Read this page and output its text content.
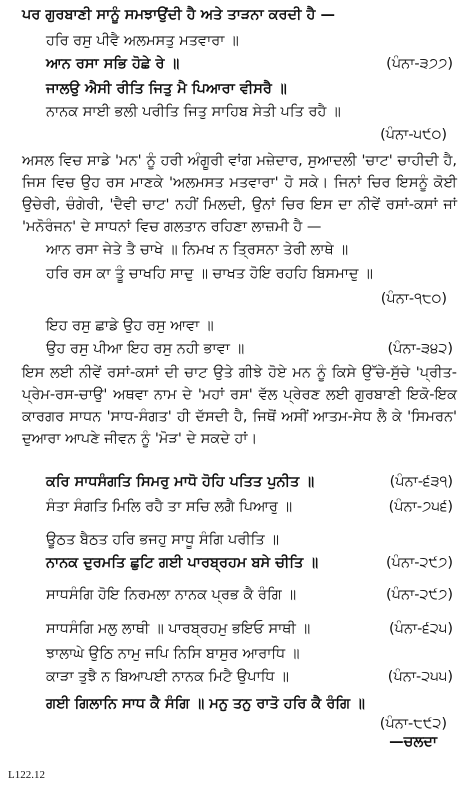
ਪਰ ਗੁਰਬਾਣੀ ਸਾਨੂੰ ਸਮਝਾਉਂਦੀ ਹੈ ਅਤੇ ਤਾੜਨਾ ਕਰਦੀ ਹੈ —
ਹਰਿ ਰਸੁ ਪੀਵੈ ਅਲਮਸਤੁ ਮਤਵਾਰਾ ॥
ਆਨ ਰਸਾ ਸਭਿ ਹੋਛੇ ਰੇ ॥	(ਪੰਨਾ-੩੭੭)
ਜਾਲਉ ਐਸੀ ਰੀਤਿ ਜਿਤੁ ਮੈ ਪਿਆਰਾ ਵੀਸਰੈ ॥
ਨਾਨਕ ਸਾਈ ਭਲੀ ਪਰੀਤਿ ਜਿਤੁ ਸਾਹਿਬ ਸੇਤੀ ਪਤਿ ਰਹੈ ॥
(ਪੰਨਾ-੫੯੦)
ਅਸਲ ਵਿਚ ਸਾਡੇ 'ਮਨ' ਨੂੰ ਹਰੀ ਅੰਗੂਰੀ ਵਾਂਗ ਮਜ਼ੇਦਾਰ, ਸੁਆਦਲੀ 'ਚਾਟ' ਚਾਹੀਦੀ ਹੈ, ਜਿਸ ਵਿਚ ਉਹ ਰਸ ਮਾਣਕੇ 'ਅਲਮਸਤ ਮਤਵਾਰਾ' ਹੋ ਸਕੇ। ਜਿਨਾਂ ਚਿਰ ਇਸਨੂੰ ਕੋਈ ਉਚੇਰੀ, ਚੰਗੇਰੀ, 'ਦੈਵੀ ਚਾਟ' ਨਹੀਂ ਮਿਲਦੀ, ਉਨਾਂ ਚਿਰ ਇਸ ਦਾ ਨੀਵੇਂ ਰਸਾਂ-ਕਸਾਂ ਜਾਂ 'ਮਨੋਰੰਜਨ' ਦੇ ਸਾਧਨਾਂ ਵਿਚ ਗਲਤਾਨ ਰਹਿਣਾ ਲਾਜ਼ਮੀ ਹੈ —
ਆਨ ਰਸਾ ਜੇਤੇ ਤੈ ਚਾਖੇ ॥ ਨਿਮਖ ਨ ਤ੍ਰਿਸਨਾ ਤੇਰੀ ਲਾਥੇ ॥
ਹਰਿ ਰਸ ਕਾ ਤੂੰ ਚਾਖਹਿ ਸਾਦੁ ॥ ਚਾਖਤ ਹੋਇ ਰਹਹਿ ਬਿਸਮਾਦੁ ॥
(ਪੰਨਾ-੧੮੦)
ਇਹ ਰਸੁ ਛਾਡੇ ਉਹ ਰਸੁ ਆਵਾ ॥
ਉਹ ਰਸੁ ਪੀਆ ਇਹ ਰਸੁ ਨਹੀ ਭਾਵਾ ॥	(ਪੰਨਾ-੩੪੨)
ਇਸ ਲਈ ਨੀਵੇਂ ਰਸਾਂ-ਕਸਾਂ ਦੀ ਚਾਟ ਉਤੇ ਗੀਝੇ ਹੋਏ ਮਨ ਨੂੰ ਕਿਸੇ ਉੱਚੇ-ਸੁੱਚੇ 'ਪ੍ਰੀਤ-ਪ੍ਰੇਮ-ਰਸ-ਚਾਉ' ਅਥਵਾ ਨਾਮ ਦੇ 'ਮਹਾਂ ਰਸ' ਵੱਲ ਪ੍ਰੇਰਣ ਲਈ ਗੁਰਬਾਣੀ ਇਕੋ-ਇਕ ਕਾਰਗਰ ਸਾਧਨ 'ਸਾਧ-ਸੰਗਤ' ਹੀ ਦੱਸਦੀ ਹੈ, ਜਿਥੋਂ ਅਸੀਂ ਆਤਮ-ਸੇਧ ਲੈ ਕੇ 'ਸਿਮਰਨ' ਦੁਆਰਾ ਆਪਣੇ ਜੀਵਨ ਨੂੰ 'ਮੋੜ' ਦੇ ਸਕਦੇ ਹਾਂ।
ਕਰਿ ਸਾਧਸੰਗਤਿ ਸਿਮਰੁ ਮਾਧੋ ਹੋਹਿ ਪਤਿਤ ਪੁਨੀਤ ॥	(ਪੰਨਾ-੬੩੧)
ਸੰਤਾ ਸੰਗਤਿ ਮਿਲਿ ਰਹੈ ਤਾ ਸਚਿ ਲਗੈ ਪਿਆਰੁ ॥	(ਪੰਨਾ-੭੫੬)
ਊਠਤ ਬੈਠਤ ਹਰਿ ਭਜਹੁ ਸਾਧੂ ਸੰਗਿ ਪਰੀਤਿ ॥
ਨਾਨਕ ਦੁਰਮਤਿ ਛੁਟਿ ਗਈ ਪਾਰਬ੍ਰਹਮ ਬਸੇ ਚੀਤਿ ॥	(ਪੰਨਾ-੨੯੭)
ਸਾਧਸੰਗਿ ਹੋਇ ਨਿਰਮਲਾ ਨਾਨਕ ਪ੍ਰਭ ਕੈ ਰੰਗਿ ॥	(ਪੰਨਾ-੨੯੭)
ਸਾਧਸੰਗਿ ਮਲੁ ਲਾਥੀ ॥ ਪਾਰਬ੍ਰਹਮੁ ਭਇਓ ਸਾਥੀ ॥	(ਪੰਨਾ-੬੨੫)
ਝਾਲਾਘੇ ਉਠਿ ਨਾਮੁ ਜਪਿ ਨਿਸਿ ਬਾਸੁਰ ਆਰਾਧਿ ॥
ਕਾੜਾ ਤੁਝੈ ਨ ਬਿਆਪਈ ਨਾਨਕ ਮਿਟੈ ਉਪਾਧਿ ॥	(ਪੰਨਾ-੨੫੫)
ਗਈ ਗਿਲਾਨਿ ਸਾਧ ਕੈ ਸੰਗਿ ॥ ਮਨੁ ਤਨੁ ਰਾਤੋ ਹਰਿ ਕੈ ਰੰਗਿ ॥
(ਪੰਨਾ-੮੯੨)
—ਚਲਦਾ
L122.12
